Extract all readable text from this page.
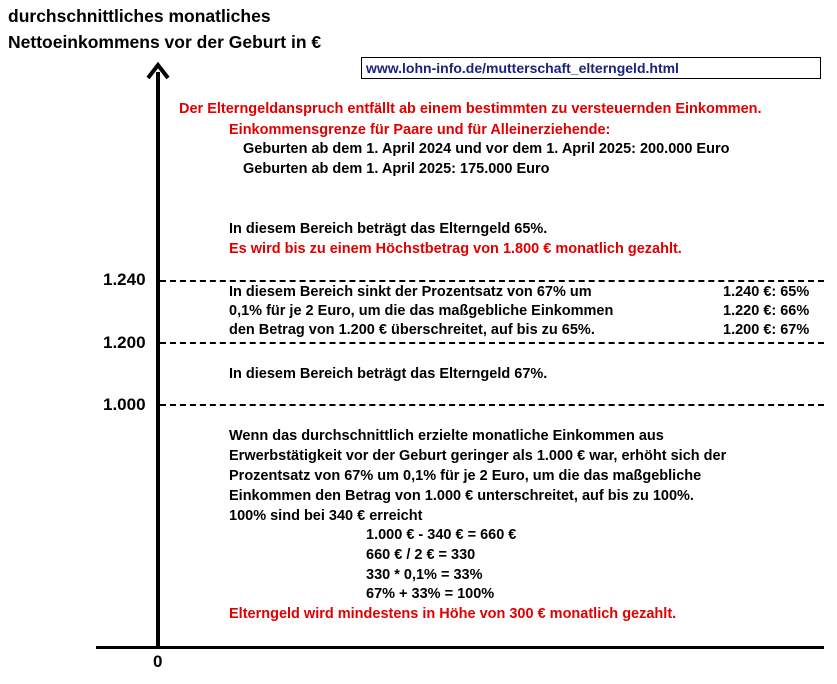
durchschnittliches monatliches
Nettoeinkommens vor der Geburt in €
www.lohn-info.de/mutterschaft_elterngeld.html
1.240
1.200
1.000
0
Der Elterngeldanspruch entfällt ab einem bestimmten zu versteuernden Einkommen.
Einkommensgrenze für Paare und für Alleinerziehende:
Geburten ab dem 1. April 2024 und vor dem 1. April 2025: 200.000 Euro
Geburten ab dem 1. April 2025: 175.000 Euro
In diesem Bereich beträgt das Elterngeld 65%.
Es wird bis zu einem Höchstbetrag von 1.800 € monatlich gezahlt.
In diesem Bereich sinkt der Prozentsatz von 67% um
0,1% für je 2 Euro, um die das maßgebliche Einkommen
den Betrag von 1.200 € überschreitet, auf bis zu 65%.
1.240 €: 65%
1.220 €: 66%
1.200 €: 67%
In diesem Bereich beträgt das Elterngeld 67%.
Wenn das durchschnittlich erzielte monatliche Einkommen aus
Erwerbstätigkeit vor der Geburt geringer als 1.000 € war, erhöht sich der
Prozentsatz von 67% um 0,1% für je 2 Euro, um die das maßgebliche
Einkommen den Betrag von 1.000 € unterschreitet, auf bis zu 100%.
100% sind bei 340 € erreicht
1.000 € - 340 € = 660 €
660 € / 2 € = 330
330 * 0,1% = 33%
67% + 33% = 100%
Elterngeld wird mindestens in Höhe von 300 € monatlich gezahlt.
